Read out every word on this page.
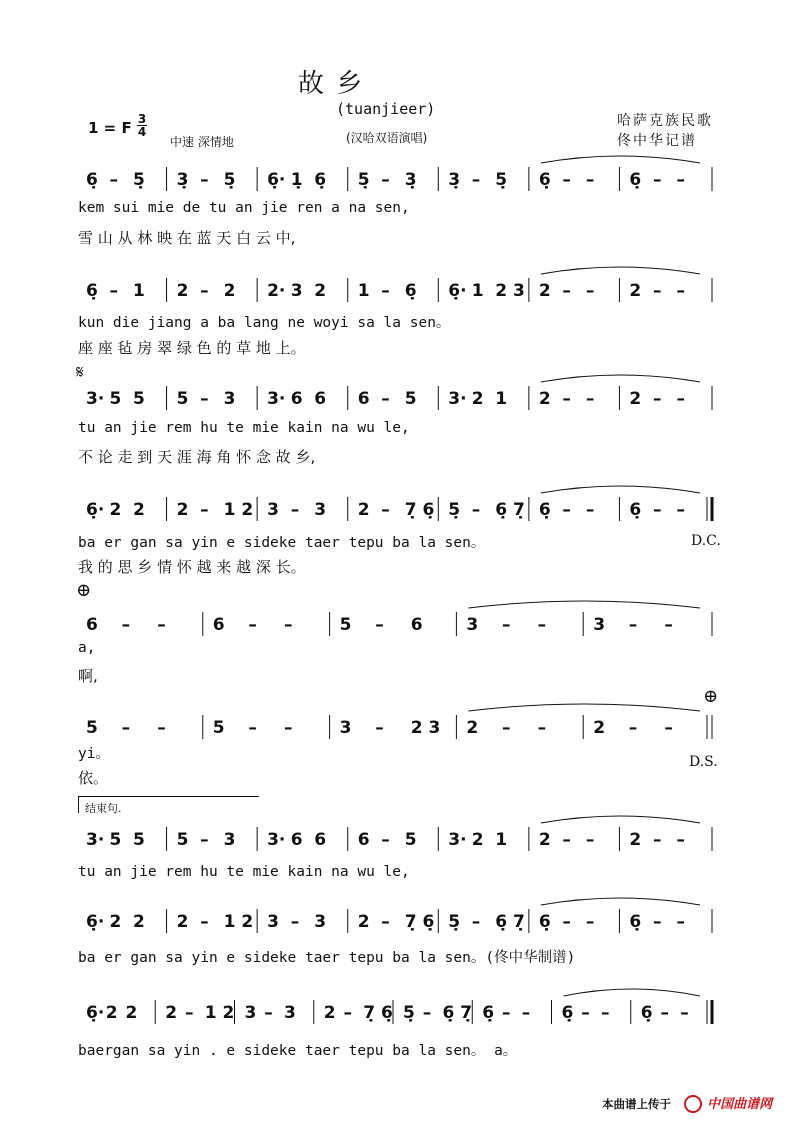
故 乡
(tuanjieer)
(汉哈双语演唱)
1 = F 3
4
中速 深情地
哈萨克族民歌
佟中华记谱
6̣ – 5̣ 3̣ – 5̣ 6̣· 1̣ 6̣ 5̣ – 3̣ 3̣ – 5̣ 6̣ – – 6̣ – –
6̣ – 1 2 – 2 2· 3 2 1 – 6̣ 6̣· 1 2 3 2 – – 2 – –
3· 5 5 5 – 3 3· 6 6 6 – 5 3· 2 1 2 – – 2 – –
6̣· 2 2 2 – 1 2 3 – 3 2 – 7̣ 6̣ 5̣ – 6̣ 7̣ 6̣ – – 6̣ – –
6 – –	6 – –	5 – 6	3 – –	3 – –
5 – –	5 – –	3 – 2 3 2 – –	2 – –
3· 5 5 5 – 3 3· 6 6 6 – 5 3· 2 1 2 – – 2 – –
6̣· 2 2 2 – 1 2 3 – 3 2 – 7̣ 6̣ 5̣ – 6̣ 7̣ 6̣ – – 6̣ – –
6̣· 2 2 2 – 1 2 3 – 3 2 – 7̣ 6̣ 5̣ – 6̣ 7̣ 6̣ – – 6̣ – – 6̣ – –
kem sui mie de tu an jie ren a na sen,
雪 山 从 林 映 在 蓝 天 白 云 中,
kun die jiang a ba lang ne woyi sa la sen。
座 座 毡 房 翠 绿 色 的 草 地 上。
𝄋
tu an jie rem hu te mie kain na wu le,
不 论 走 到 天 涯 海 角 怀 念 故 乡,
ba er gan sa yin e sideke taer tepu ba la sen。	D.C.
我 的 思 乡 情 怀 越 来 越 深 长。
⊕
a,
啊,
⊕
yi。	D.S.
依。
结束句.
tu an jie rem hu te mie kain na wu le,
ba er gan sa yin e sideke taer tepu ba la sen。(佟中华制谱)
baergan sa yin . e sideke taer tepu ba la sen。 a。
本曲谱上传于	中国曲谱网
